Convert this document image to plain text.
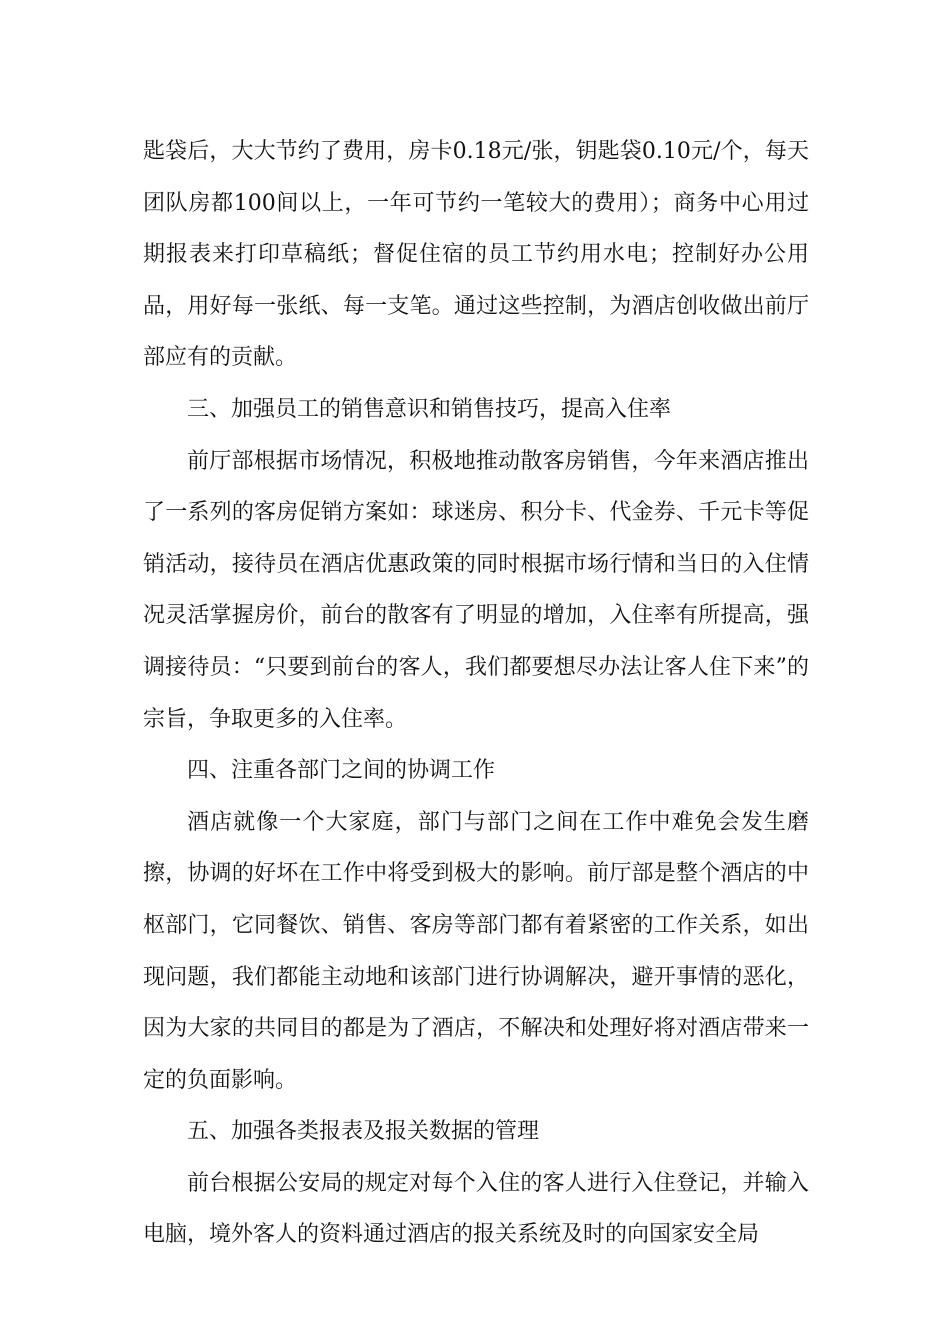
匙袋后，大大节约了费用，房卡0.18元/张，钥匙袋0.10元/个，每天团队房都100间以上，一年可节约一笔较大的费用）；商务中心用过期报表来打印草稿纸；督促住宿的员工节约用水电；控制好办公用品，用好每一张纸、每一支笔。通过这些控制，为酒店创收做出前厅部应有的贡献。

三、加强员工的销售意识和销售技巧，提高入住率

前厅部根据市场情况，积极地推动散客房销售，今年来酒店推出了一系列的客房促销方案如：球迷房、积分卡、代金券、千元卡等促销活动，接待员在酒店优惠政策的同时根据市场行情和当日的入住情况灵活掌握房价，前台的散客有了明显的增加，入住率有所提高，强调接待员：“只要到前台的客人，我们都要想尽办法让客人住下来”的宗旨，争取更多的入住率。

四、注重各部门之间的协调工作

酒店就像一个大家庭，部门与部门之间在工作中难免会发生磨擦，协调的好坏在工作中将受到极大的影响。前厅部是整个酒店的中枢部门，它同餐饮、销售、客房等部门都有着紧密的工作关系，如出现问题，我们都能主动地和该部门进行协调解决，避开事情的恶化，因为大家的共同目的都是为了酒店，不解决和处理好将对酒店带来一定的负面影响。

五、加强各类报表及报关数据的管理

前台根据公安局的规定对每个入住的客人进行入住登记，并输入电脑，境外客人的资料通过酒店的报关系统及时的向国家安全局
